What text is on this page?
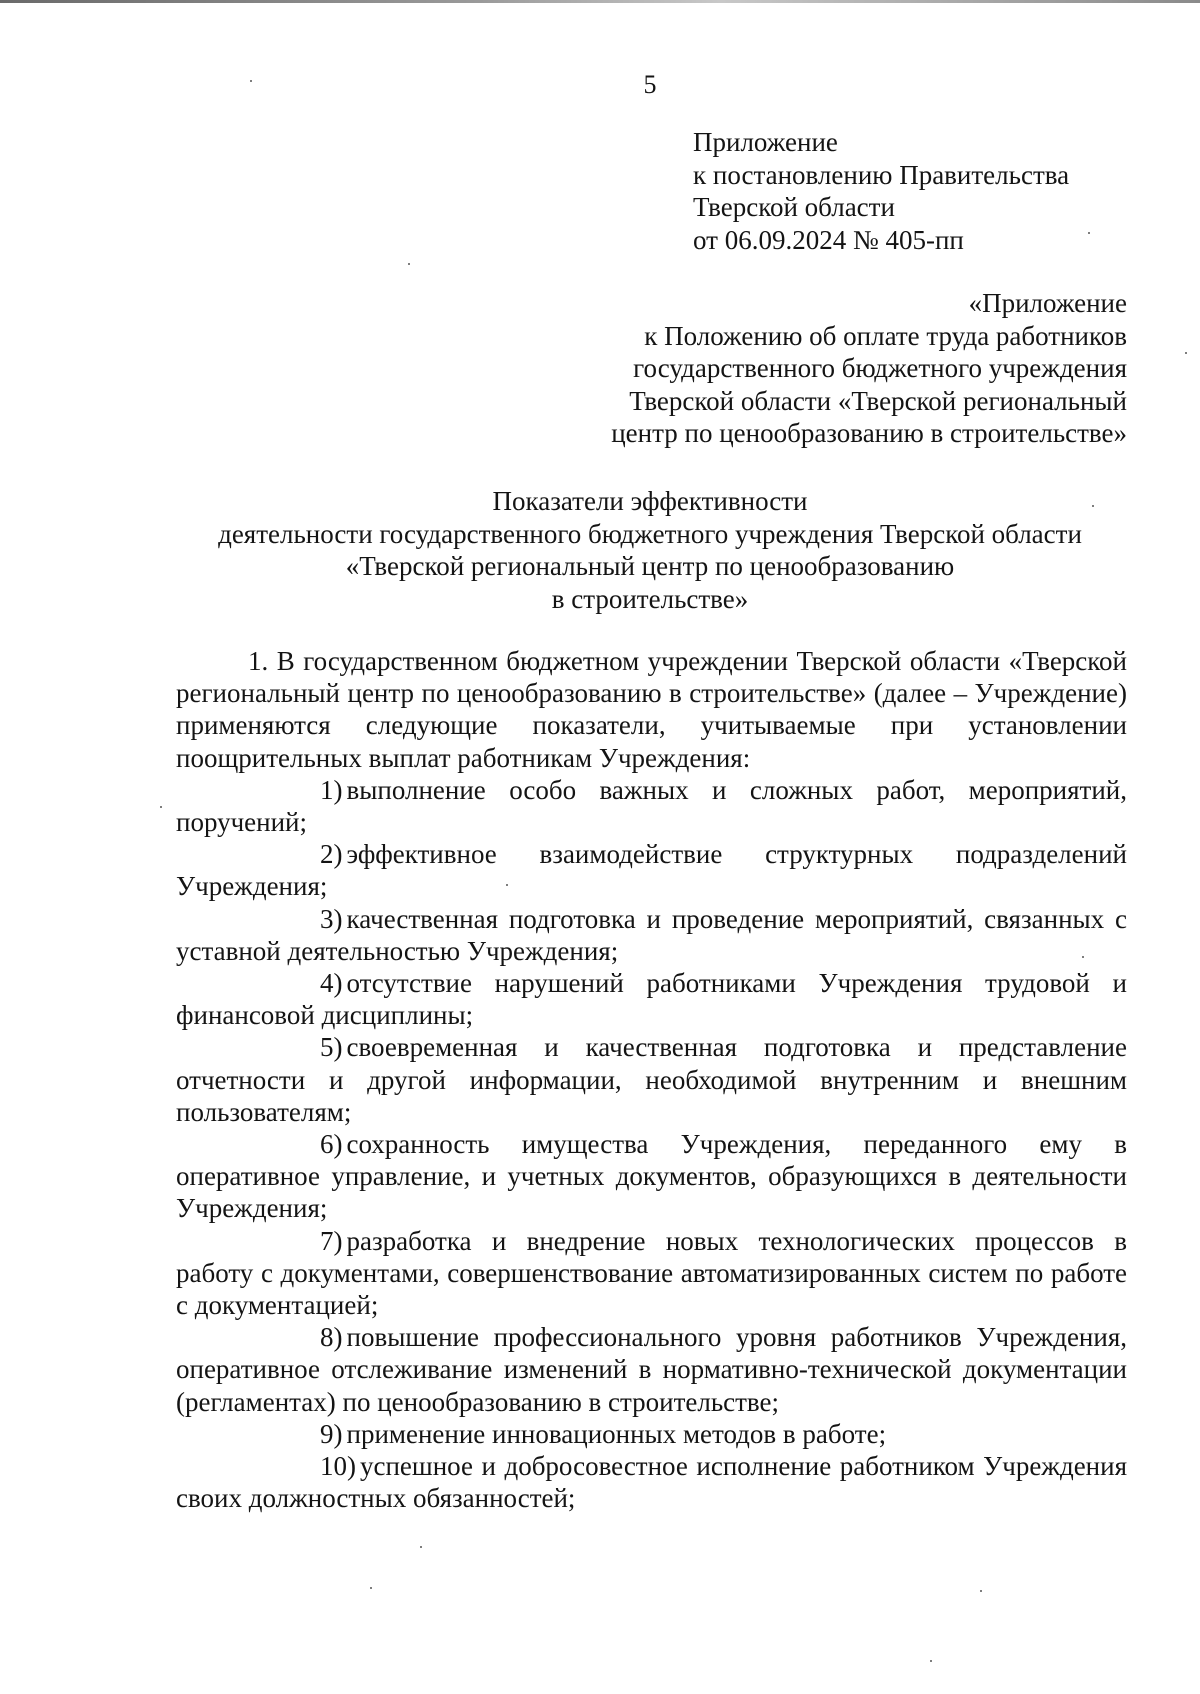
5
Приложение
к постановлению Правительства
Тверской области
от 06.09.2024 № 405-пп
«Приложение
к Положению об оплате труда работников
государственного бюджетного учреждения
Тверской области «Тверской региональный
центр по ценообразованию в строительстве»
Показатели эффективности
деятельности государственного бюджетного учреждения Тверской области
«Тверской региональный центр по ценообразованию
в строительстве»

1. В государственном бюджетном учреждении Тверской области «Тверской региональный центр по ценообразованию в строительстве» (далее – Учреждение) применяются следующие показатели, учитываемые при установлении поощрительных выплат работникам Учреждения:

1) выполнение особо важных и сложных работ, мероприятий, поручений;

2) эффективное взаимодействие структурных подразделений Учреждения;

3) качественная подготовка и проведение мероприятий, связанных с уставной деятельностью Учреждения;

4) отсутствие нарушений работниками Учреждения трудовой и финансовой дисциплины;

5) своевременная и качественная подготовка и представление отчетности и другой информации, необходимой внутренним и внешним пользователям;

6) сохранность имущества Учреждения, переданного ему в оперативное управление, и учетных документов, образующихся в деятельности Учреждения;

7) разработка и внедрение новых технологических процессов в работу с документами, совершенствование автоматизированных систем по работе с документацией;

8) повышение профессионального уровня работников Учреждения, оперативное отслеживание изменений в нормативно-технической документации (регламентах) по ценообразованию в строительстве;

9) применение инновационных методов в работе;

10) успешное и добросовестное исполнение работником Учреждения своих должностных обязанностей;
